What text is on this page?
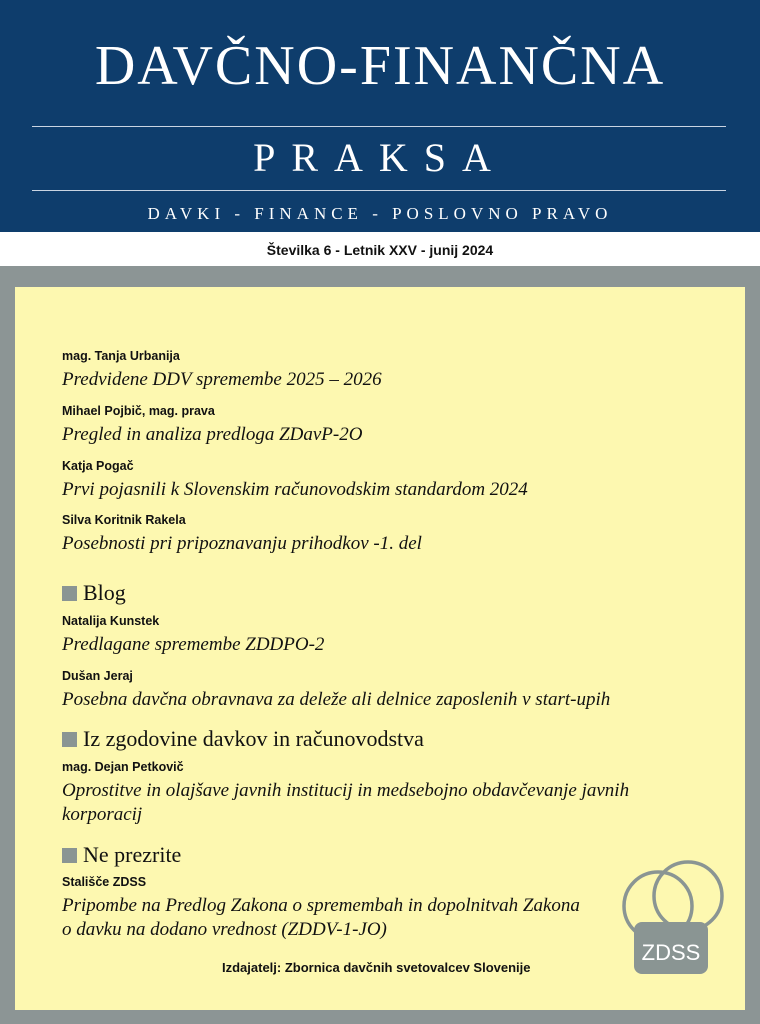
DAVČNO-FINANČNA
PRAKSA
DAVKI - FINANCE - POSLOVNO PRAVO
Številka 6 - Letnik XXV - junij 2024
mag. Tanja Urbanija
Predvidene DDV spremembe 2025 – 2026
Mihael Pojbič, mag. prava
Pregled in analiza predloga ZDavP-2O
Katja Pogač
Prvi pojasnili k Slovenskim računovodskim standardom 2024
Silva Koritnik Rakela
Posebnosti pri pripoznavanju prihodkov -1. del
Blog
Natalija Kunstek
Predlagane spremembe ZDDPO-2
Dušan Jeraj
Posebna davčna obravnava za deleže ali delnice zaposlenih v start-upih
Iz zgodovine davkov in računovodstva
mag. Dejan Petkovič
Oprostitve in olajšave javnih institucij in medsebojno obdavčevanje javnih korporacij
Ne prezrite
Stališče ZDSS
Pripombe na Predlog Zakona o spremembah in dopolnitvah Zakona o davku na dodano vrednost (ZDDV-1-JO)
Izdajatelj: Zbornica davčnih svetovalcev Slovenije
ZDSS
